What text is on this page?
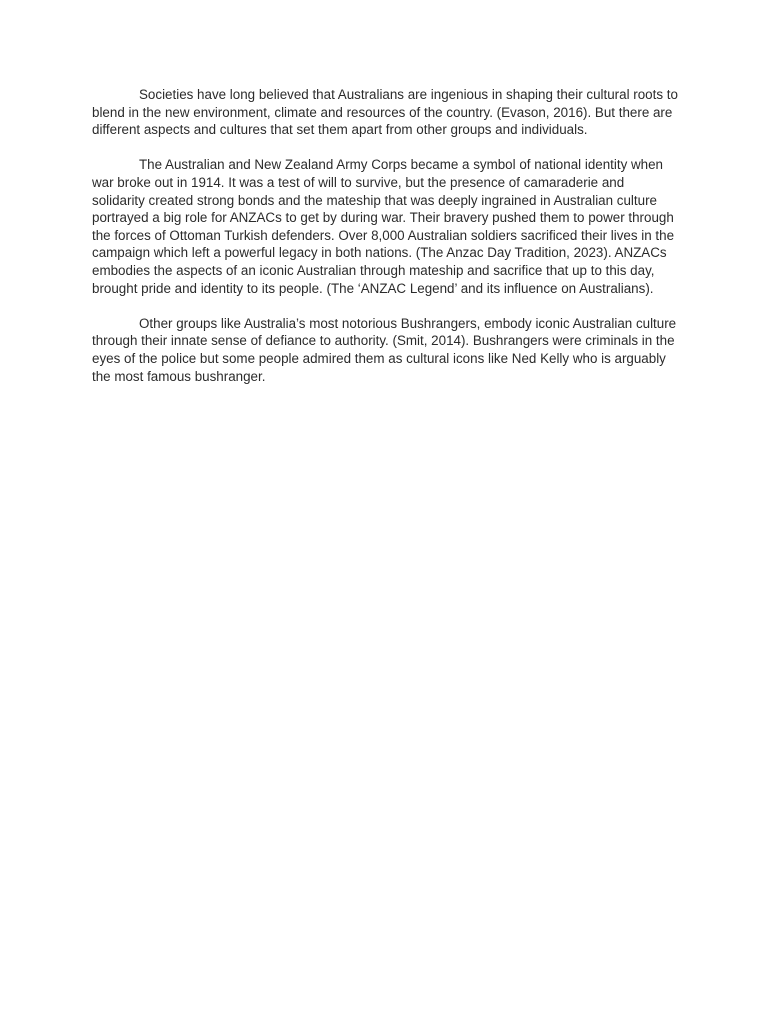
Societies have long believed that Australians are ingenious in shaping their cultural roots to blend in the new environment, climate and resources of the country. (Evason, 2016). But there are different aspects and cultures that set them apart from other groups and individuals.

The Australian and New Zealand Army Corps became a symbol of national identity when war broke out in 1914. It was a test of will to survive, but the presence of camaraderie and solidarity created strong bonds and the mateship that was deeply ingrained in Australian culture portrayed a big role for ANZACs to get by during war. Their bravery pushed them to power through the forces of Ottoman Turkish defenders. Over 8,000 Australian soldiers sacrificed their lives in the campaign which left a powerful legacy in both nations. (The Anzac Day Tradition, 2023). ANZACs embodies the aspects of an iconic Australian through mateship and sacrifice that up to this day, brought pride and identity to its people. (The ‘ANZAC Legend’ and its influence on Australians).

Other groups like Australia’s most notorious Bushrangers, embody iconic Australian culture through their innate sense of defiance to authority. (Smit, 2014). Bushrangers were criminals in the eyes of the police but some people admired them as cultural icons like Ned Kelly who is arguably the most famous bushranger.
